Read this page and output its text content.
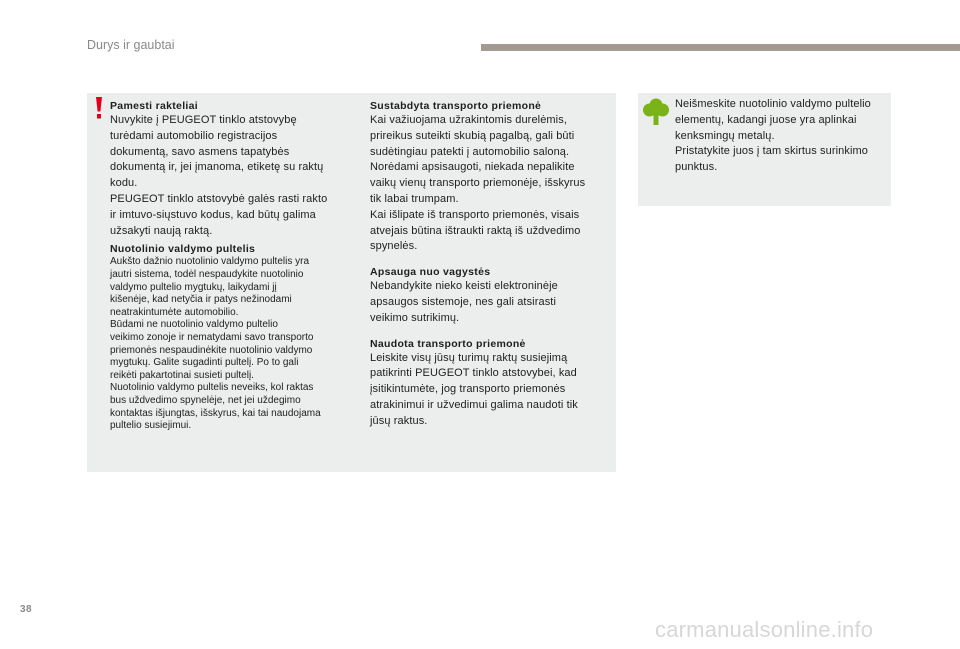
Durys ir gaubtai
Pamesti rakteliai
Nuvykite į PEUGEOT tinklo atstovybę
turėdami automobilio registracijos
dokumentą, savo asmens tapatybės
dokumentą ir, jei įmanoma, etiketę su raktų
kodu.
PEUGEOT tinklo atstovybė galės rasti rakto
ir imtuvo-siųstuvo kodus, kad būtų galima
užsakyti naują raktą.
Nuotolinio valdymo pultelis
Aukšto dažnio nuotolinio valdymo pultelis yra
jautri sistema, todėl nespaudykite nuotolinio
valdymo pultelio mygtukų, laikydami jį
kišenėje, kad netyčia ir patys nežinodami
neatrakintumėte automobilio.
Būdami ne nuotolinio valdymo pultelio
veikimo zonoje ir nematydami savo transporto
priemonės nespaudinėkite nuotolinio valdymo
mygtukų. Galite sugadinti pultelį. Po to gali
reikėti pakartotinai susieti pultelį.
Nuotolinio valdymo pultelis neveiks, kol raktas
bus uždvedimo spynelėje, net jei uždegimo
kontaktas išjungtas, išskyrus, kai tai naudojama
pultelio susiejimui.
Sustabdyta transporto priemonė
Kai važiuojama užrakintomis durelėmis,
prireikus suteikti skubią pagalbą, gali būti
sudėtingiau patekti į automobilio saloną.
Norėdami apsisaugoti, niekada nepalikite
vaikų vienų transporto priemonėje, išskyrus
tik labai trumpam.
Kai išlipate iš transporto priemonės, visais
atvejais būtina ištraukti raktą iš uždvedimo
spynelės.
Apsauga nuo vagystės
Nebandykite nieko keisti elektroninėje
apsaugos sistemoje, nes gali atsirasti
veikimo sutrikimų.
Naudota transporto priemonė
Leiskite visų jūsų turimų raktų susiejimą
patikrinti PEUGEOT tinklo atstovybei, kad
įsitikintumėte, jog transporto priemonės
atrakinimui ir užvedimui galima naudoti tik
jūsų raktus.
Neišmeskite nuotolinio valdymo pultelio
elementų, kadangi juose yra aplinkai
kenksmingų metalų.
Pristatykite juos į tam skirtus surinkimo
punktus.
38
carmanualsonline.info
